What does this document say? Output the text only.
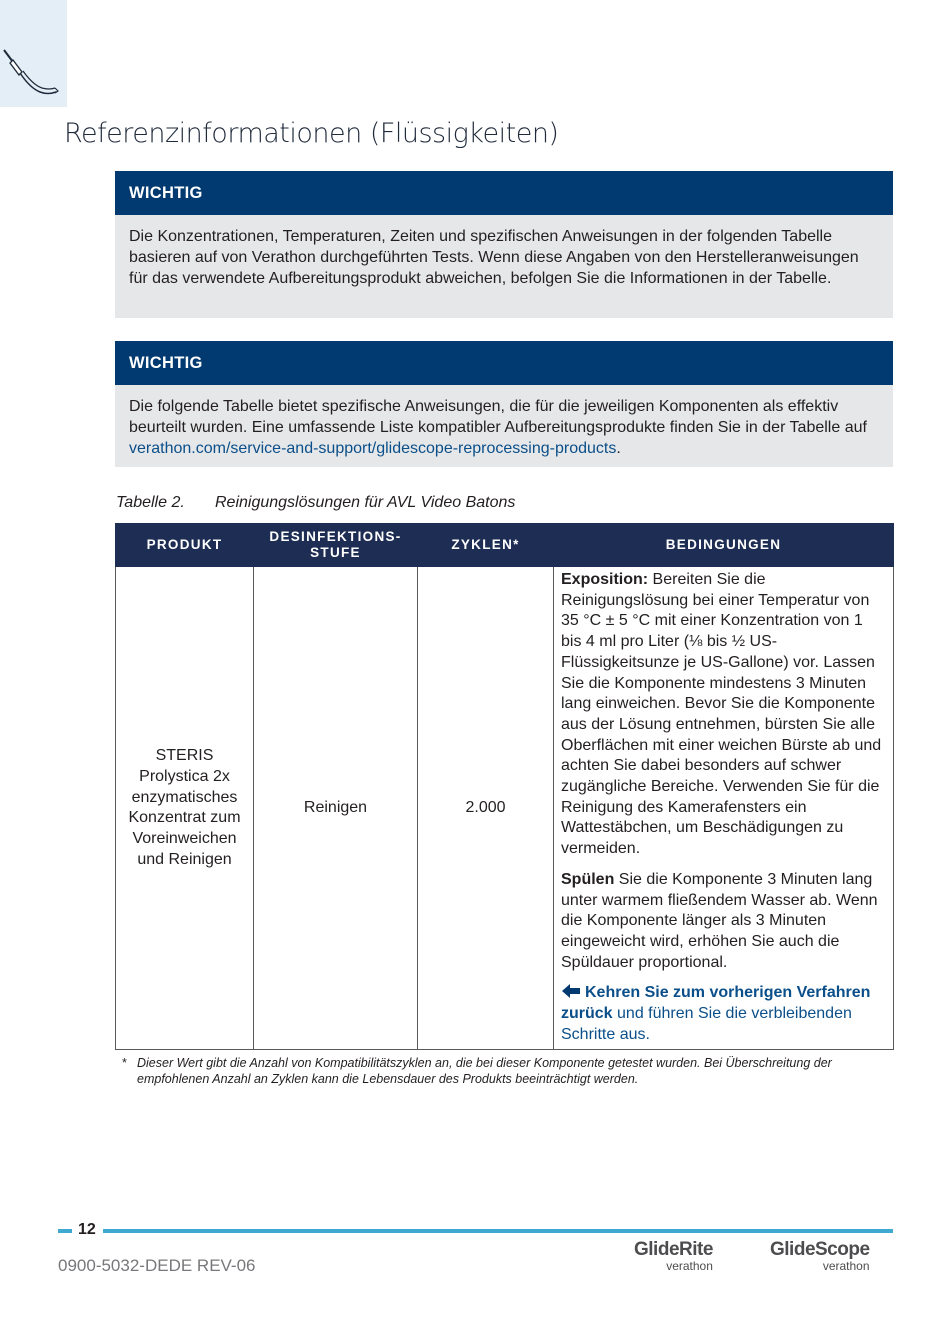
Referenzinformationen (Flüssigkeiten)
WICHTIG
Die Konzentrationen, Temperaturen, Zeiten und spezifischen Anweisungen in der folgenden Tabelle basieren auf von Verathon durchgeführten Tests. Wenn diese Angaben von den Herstelleranweisungen für das verwendete Aufbereitungsprodukt abweichen, befolgen Sie die Informationen in der Tabelle.
WICHTIG
Die folgende Tabelle bietet spezifische Anweisungen, die für die jeweiligen Komponenten als effektiv beurteilt wurden. Eine umfassende Liste kompatibler Aufbereitungsprodukte finden Sie in der Tabelle auf verathon.com/service-and-support/glidescope-reprocessing-products.
Tabelle 2. Reinigungslösungen für AVL Video Batons
PRODUKT	DESINFEKTIONS-STUFE	ZYKLEN*	BEDINGUNGEN
STERIS Prolystica 2x enzymatisches Konzentrat zum Voreinweichen und Reinigen	Reinigen	2.000	Exposition: Bereiten Sie die Reinigungslösung bei einer Temperatur von 35 °C ± 5 °C mit einer Konzentration von 1 bis 4 ml pro Liter (⅛ bis ½ US-Flüssigkeitsunze je US-Gallone) vor. Lassen Sie die Komponente mindestens 3 Minuten lang einweichen. Bevor Sie die Komponente aus der Lösung entnehmen, bürsten Sie alle Oberflächen mit einer weichen Bürste ab und achten Sie dabei besonders auf schwer zugängliche Bereiche. Verwenden Sie für die Reinigung des Kamerafensters ein Wattestäbchen, um Beschädigungen zu vermeiden.

Spülen Sie die Komponente 3 Minuten lang unter warmem fließendem Wasser ab. Wenn die Komponente länger als 3 Minuten eingeweicht wird, erhöhen Sie auch die Spüldauer proportional.

Kehren Sie zum vorherigen Verfahren zurück und führen Sie die verbleibenden Schritte aus.

* Dieser Wert gibt die Anzahl von Kompatibilitätszyklen an, die bei dieser Komponente getestet wurden. Bei Überschreitung der empfohlenen Anzahl an Zyklen kann die Lebensdauer des Produkts beeinträchtigt werden.
12
0900-5032-DEDE REV-06
GlideRite
verathon
GlideScope
verathon
